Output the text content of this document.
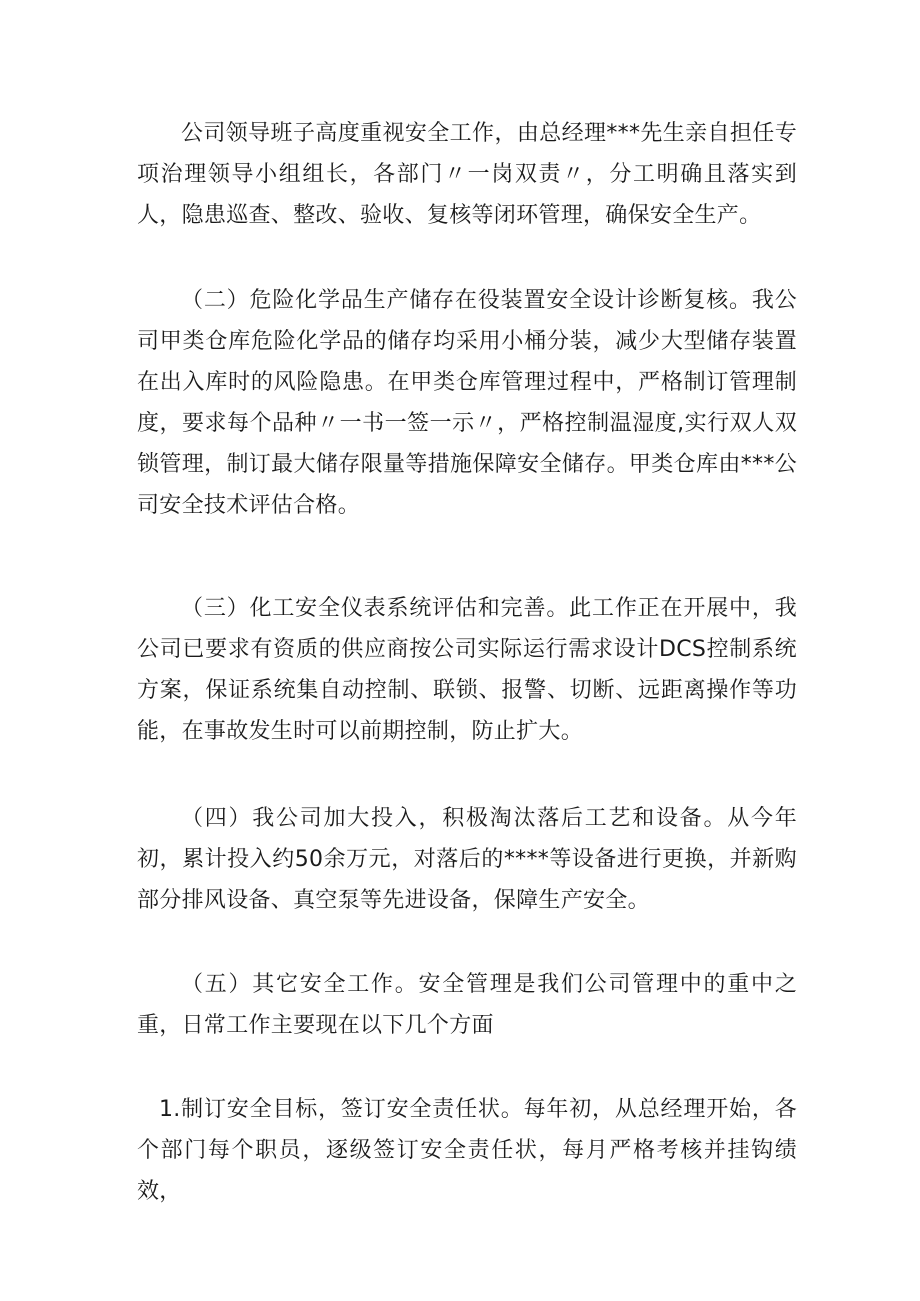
公司领导班子高度重视安全工作，由总经理***先生亲自担任专项治理领导小组组长，各部门〃一岗双责〃，分工明确且落实到人，隐患巡查、整改、验收、复核等闭环管理，确保安全生产。

（二）危险化学品生产储存在役装置安全设计诊断复核。我公司甲类仓库危险化学品的储存均采用小桶分装，减少大型储存装置在出入库时的风险隐患。在甲类仓库管理过程中，严格制订管理制度，要求每个品种〃一书一签一示〃，严格控制温湿度,实行双人双锁管理，制订最大储存限量等措施保障安全储存。甲类仓库由***公司安全技术评估合格。

（三）化工安全仪表系统评估和完善。此工作正在开展中，我公司已要求有资质的供应商按公司实际运行需求设计DCS控制系统方案，保证系统集自动控制、联锁、报警、切断、远距离操作等功能，在事故发生时可以前期控制，防止扩大。

（四）我公司加大投入，积极淘汰落后工艺和设备。从今年初，累计投入约50余万元，对落后的****等设备进行更换，并新购部分排风设备、真空泵等先进设备，保障生产安全。

（五）其它安全工作。安全管理是我们公司管理中的重中之重，日常工作主要现在以下几个方面

1.制订安全目标，签订安全责任状。每年初，从总经理开始，各个部门每个职员，逐级签订安全责任状，每月严格考核并挂钩绩效，
